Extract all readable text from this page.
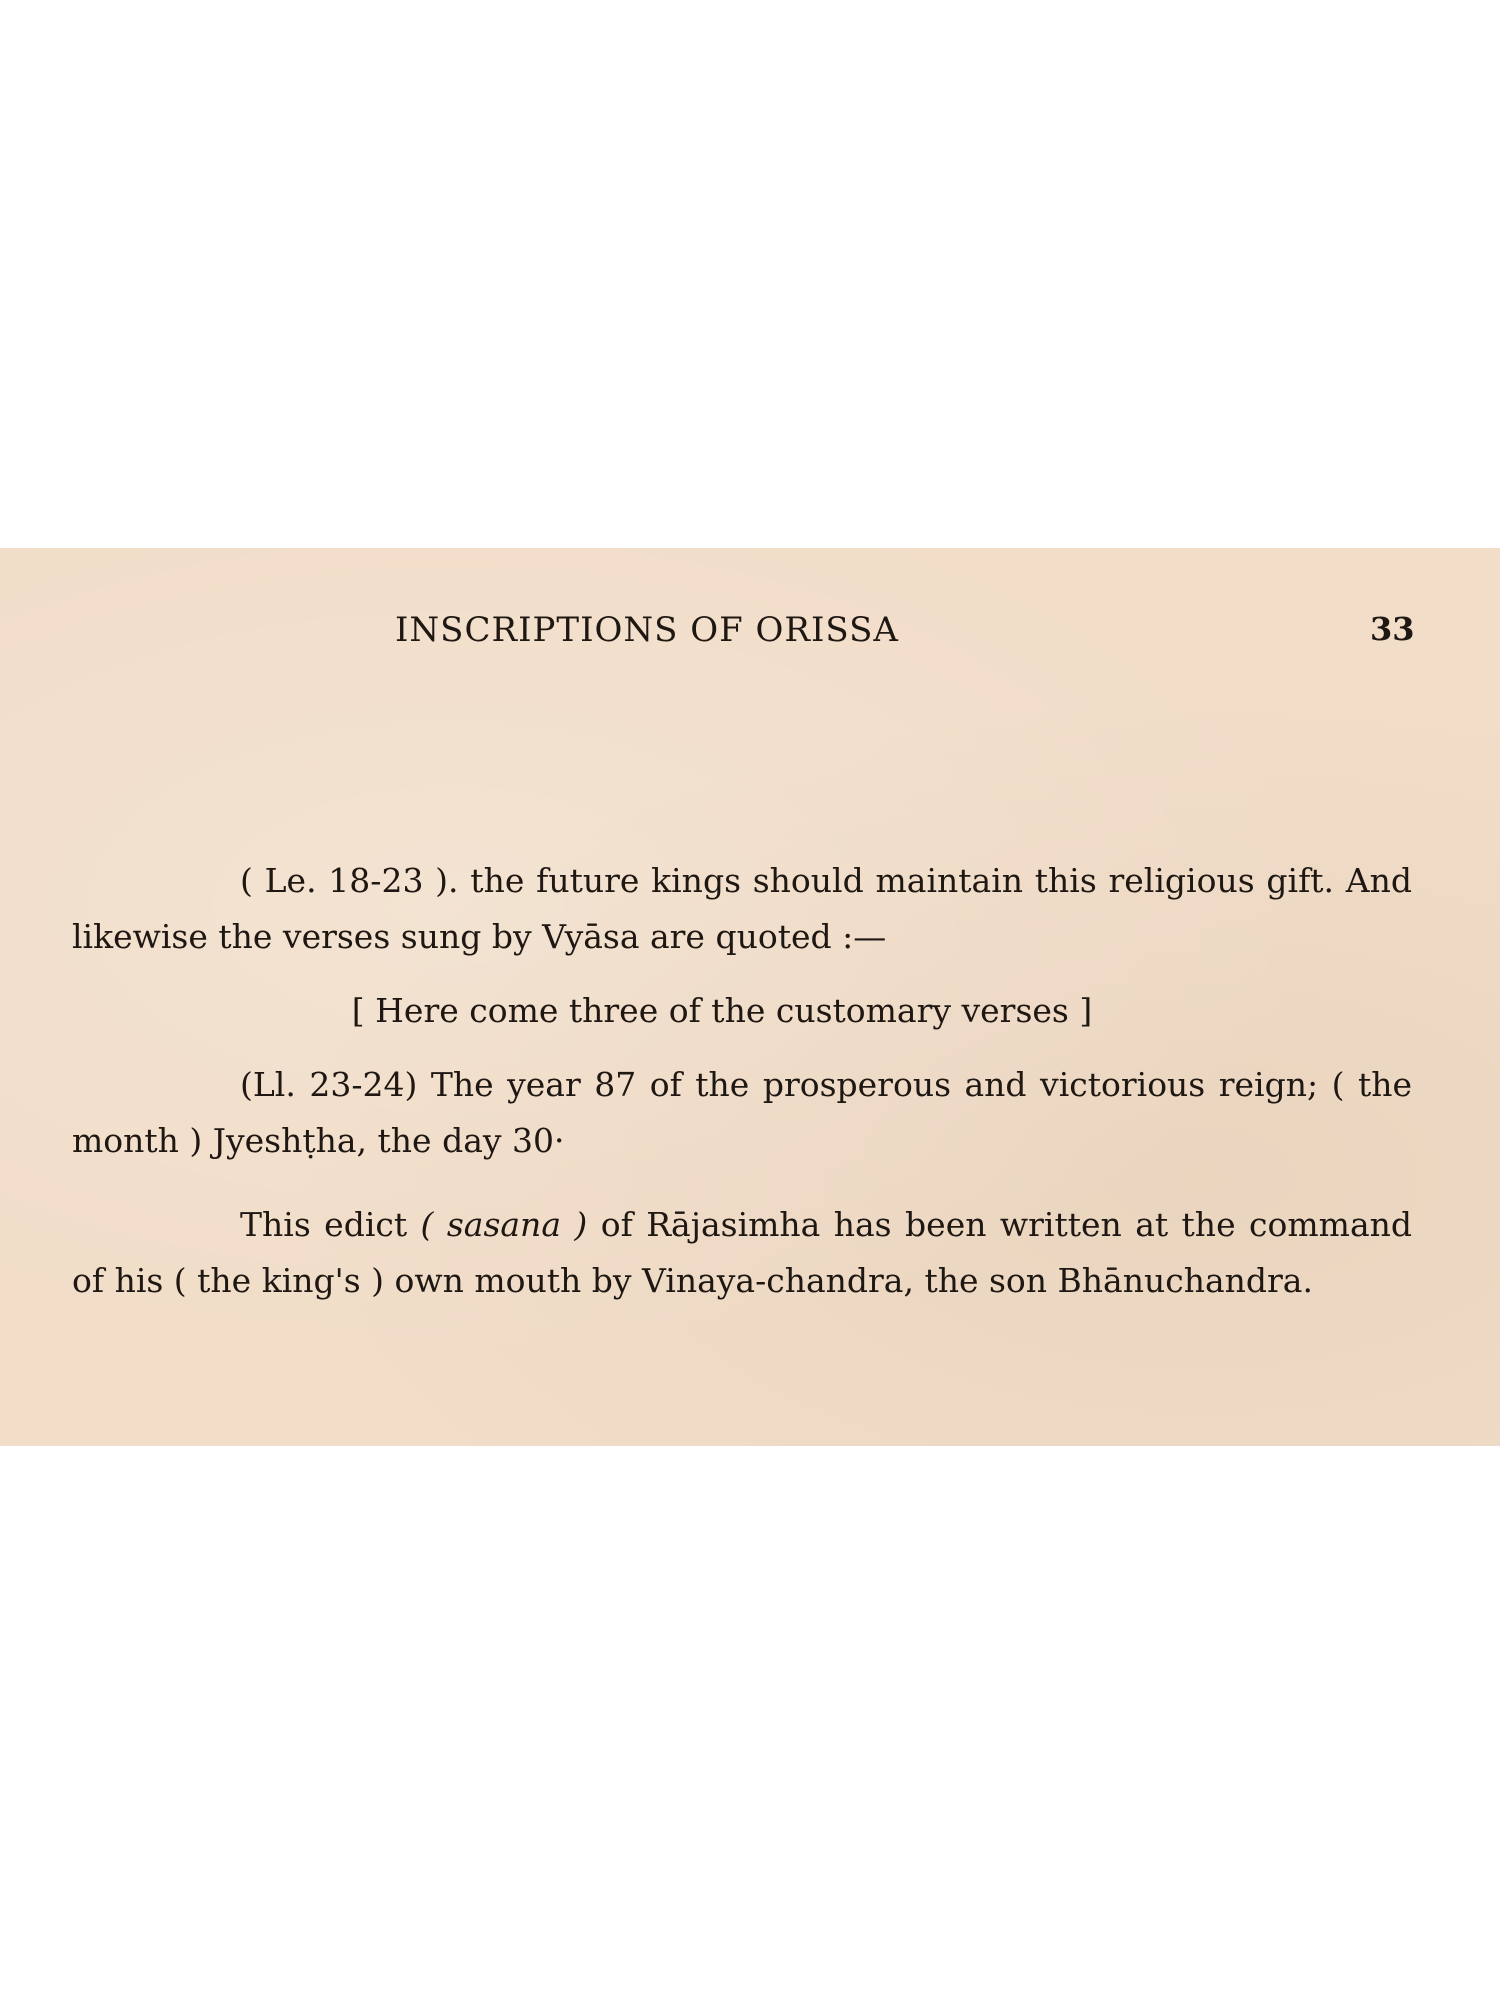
INSCRIPTIONS OF ORISSA	33

( Le. 18-23 ). the future kings should maintain this religious gift. And likewise the verses sung by Vyāsa are quoted :—

[ Here come three of the customary verses ]

(Ll. 23-24) The year 87 of the prosperous and victorious reign; ( the month ) Jyeshṭha, the day 30·

This edict ( sasana ) of Rājasimha has been written at the command of his ( the king's ) own mouth by Vinaya-chandra, the son Bhānuchandra.
